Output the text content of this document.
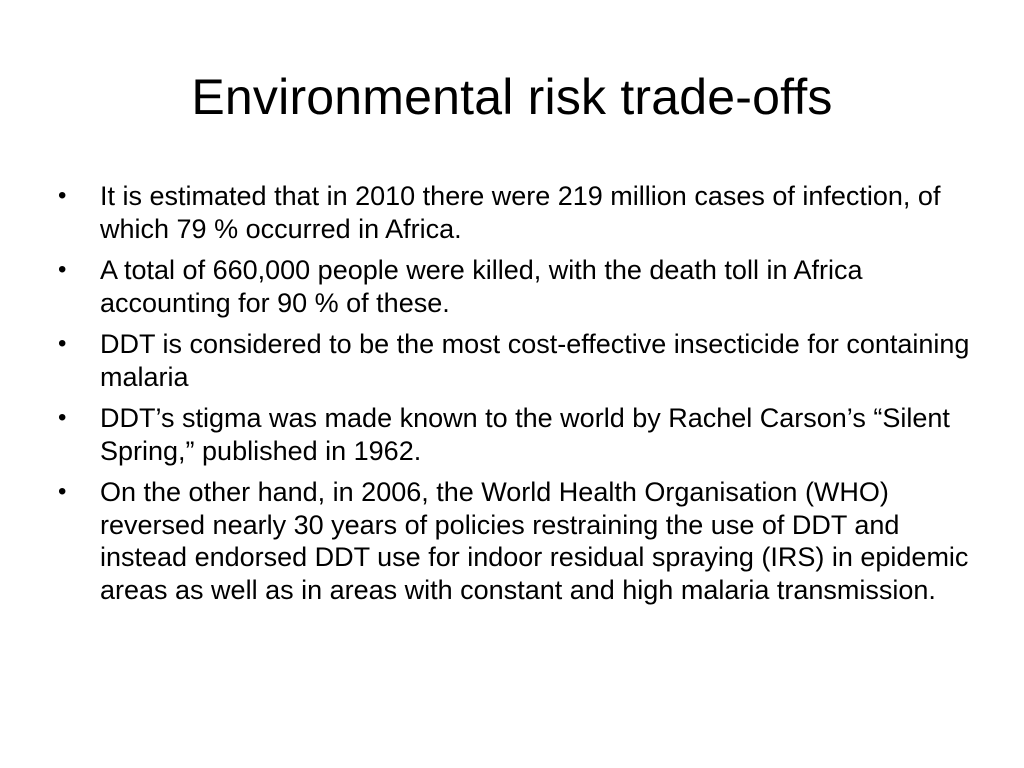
Environmental risk trade-offs
•	It is estimated that in 2010 there were 219 million cases of infection, of which 79 % occurred in Africa.
•	A total of 660,000 people were killed, with the death toll in Africa accounting for 90 % of these.
•	DDT is considered to be the most cost-effective insecticide for containing malaria
•	DDT’s stigma was made known to the world by Rachel Carson’s “Silent Spring,” published in 1962.
•	On the other hand, in 2006, the World Health Organisation (WHO) reversed nearly 30 years of policies restraining the use of DDT and instead endorsed DDT use for indoor residual spraying (IRS) in epidemic areas as well as in areas with constant and high malaria transmission.
